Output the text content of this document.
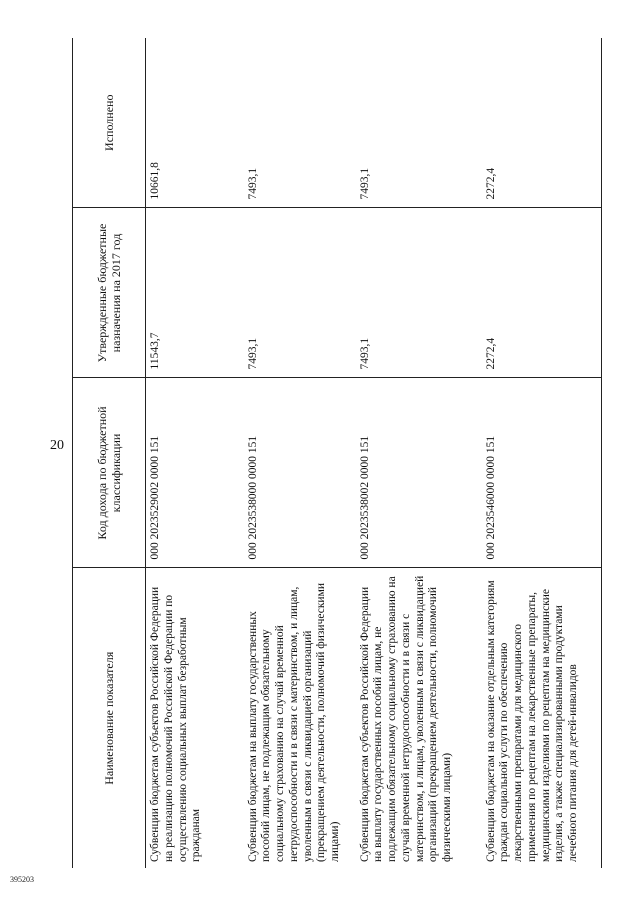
20
395203
Наименование показателя	Код дохода по бюджетной классификации	Утвержденные бюджетные назначения на 2017 год	Исполнено
Субвенции бюджетам субъектов Российской Федерации на реализацию полномочий Российской Федерации по осуществлению социальных выплат безработным гражданам	000 2023529002 0000 151	11543,7	10661,8
Субвенции бюджетам на выплату государственных пособий лицам, не подлежащим обязательному социальному страхованию на случай временной нетрудоспособности и в связи с материнством, и лицам, уволенным в связи с ликвидацией организаций (прекращением деятельности, полномочий физическими лицами)	000 2023538000 0000 151	7493,1	7493,1
Субвенции бюджетам субъектов Российской Федерации на выплату государственных пособий лицам, не подлежащим обязательному социальному страхованию на случай временной нетрудоспособности и в связи с материнством, и лицам, уволенным в связи с ликвидацией организаций (прекращением деятельности, полномочий физическими лицами)	000 2023538002 0000 151	7493,1	7493,1
Субвенции бюджетам на оказание отдельным категориям граждан социальной услуги по обеспечению лекарственными препаратами для медицинского применения по рецептам на лекарственные препараты, медицинскими изделиями по рецептам на медицинские изделия, а также специализированными продуктами лечебного питания для детей-инвалидов	000 2023546000 0000 151	2272,4	2272,4
